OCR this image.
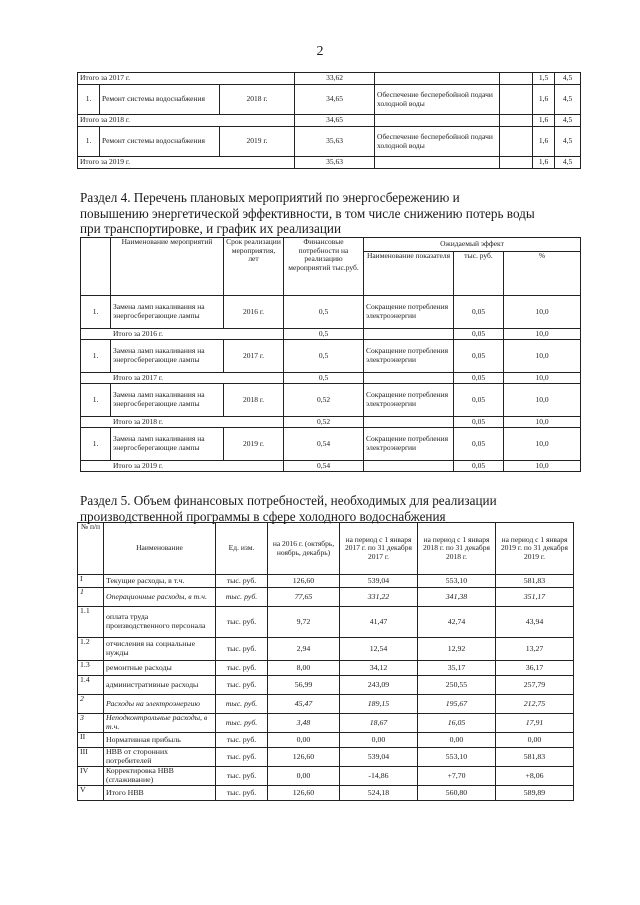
2
Итого за 2017 г.			33,62			1,5	4,5
1.	Ремонт системы водоснабжения	2018 г.	34,65	Обеспечение бесперебойной подачи холодной воды		1,6	4,5
Итого за 2018 г.			34,65			1,6	4,5
1.	Ремонт системы водоснабжения	2019 г.	35,63	Обеспечение бесперебойной подачи холодной воды		1,6	4,5
Итого за 2019 г.			35,63			1,6	4,5
Раздел 4. Перечень плановых мероприятий по энергосбережению и
повышению энергетической эффективности, в том числе снижению потерь воды
при транспортировке, и график их реализации
	Наименование мероприятий	Срок реализации мероприятия, лет	Финансовые потребности на реализацию мероприятий тыс.руб.	Ожидаемый эффект		
				Наименование показателя	тыс. руб.	%
1.	Замена ламп накаливания на энергосберегающие лампы	2016 г.	0,5	Сокращение потребления электроэнергии	0,05	10,0
Итого за 2016 г.			0,5		0,05	10,0
1.	Замена ламп накаливания на энергосберегающие лампы	2017 г.	0,5	Сокращение потребления электроэнергии	0,05	10,0
Итого за 2017 г.			0,5		0,05	10,0
1.	Замена ламп накаливания на энергосберегающие лампы	2018 г.	0,52	Сокращение потребления электроэнергии	0,05	10,0
Итого за 2018 г.			0,52		0,05	10,0
1.	Замена ламп накаливания на энергосберегающие лампы	2019 г.	0,54	Сокращение потребления электроэнергии	0,05	10,0
Итого за 2019 г.			0,54		0,05	10,0
Раздел 5. Объем финансовых потребностей, необходимых для реализации
производственной программы в сфере холодного водоснабжения
№ п/п	Наименование	Ед. изм.	на 2016 г. (октябрь, ноябрь, декабрь)	на период с 1 января 2017 г. по 31 декабря 2017 г.	на период с 1 января 2018 г. по 31 декабря 2018 г.	на период с 1 января 2019 г. по 31 декабря 2019 г.
I	Текущие расходы, в т.ч.	тыс. руб.	126,60	539,04	553,10	581,83
1	Операционные расходы, в т.ч.	тыс. руб.	77,65	331,22	341,38	351,17
1.1	оплата труда производственного персонала	тыс. руб.	9,72	41,47	42,74	43,94
1.2	отчисления на социальные нужды	тыс. руб.	2,94	12,54	12,92	13,27
1.3	ремонтные расходы	тыс. руб.	8,00	34,12	35,17	36,17
1.4	административные расходы	тыс. руб.	56,99	243,09	250,55	257,79
2	Расходы на электроэнергию	тыс. руб.	45,47	189,15	195,67	212,75
3	Неподконтрольные расходы, в т.ч.	тыс. руб.	3,48	18,67	16,05	17,91
II	Нормативная прибыль	тыс. руб.	0,00	0,00	0,00	0,00
III	НВВ от сторонних потребителей	тыс. руб.	126,60	539,04	553,10	581,83
IV	Корректировка НВВ (сглаживание)	тыс. руб.	0,00	-14,86	+7,70	+8,06
V	Итого НВВ	тыс. руб.	126,60	524,18	560,80	589,89
